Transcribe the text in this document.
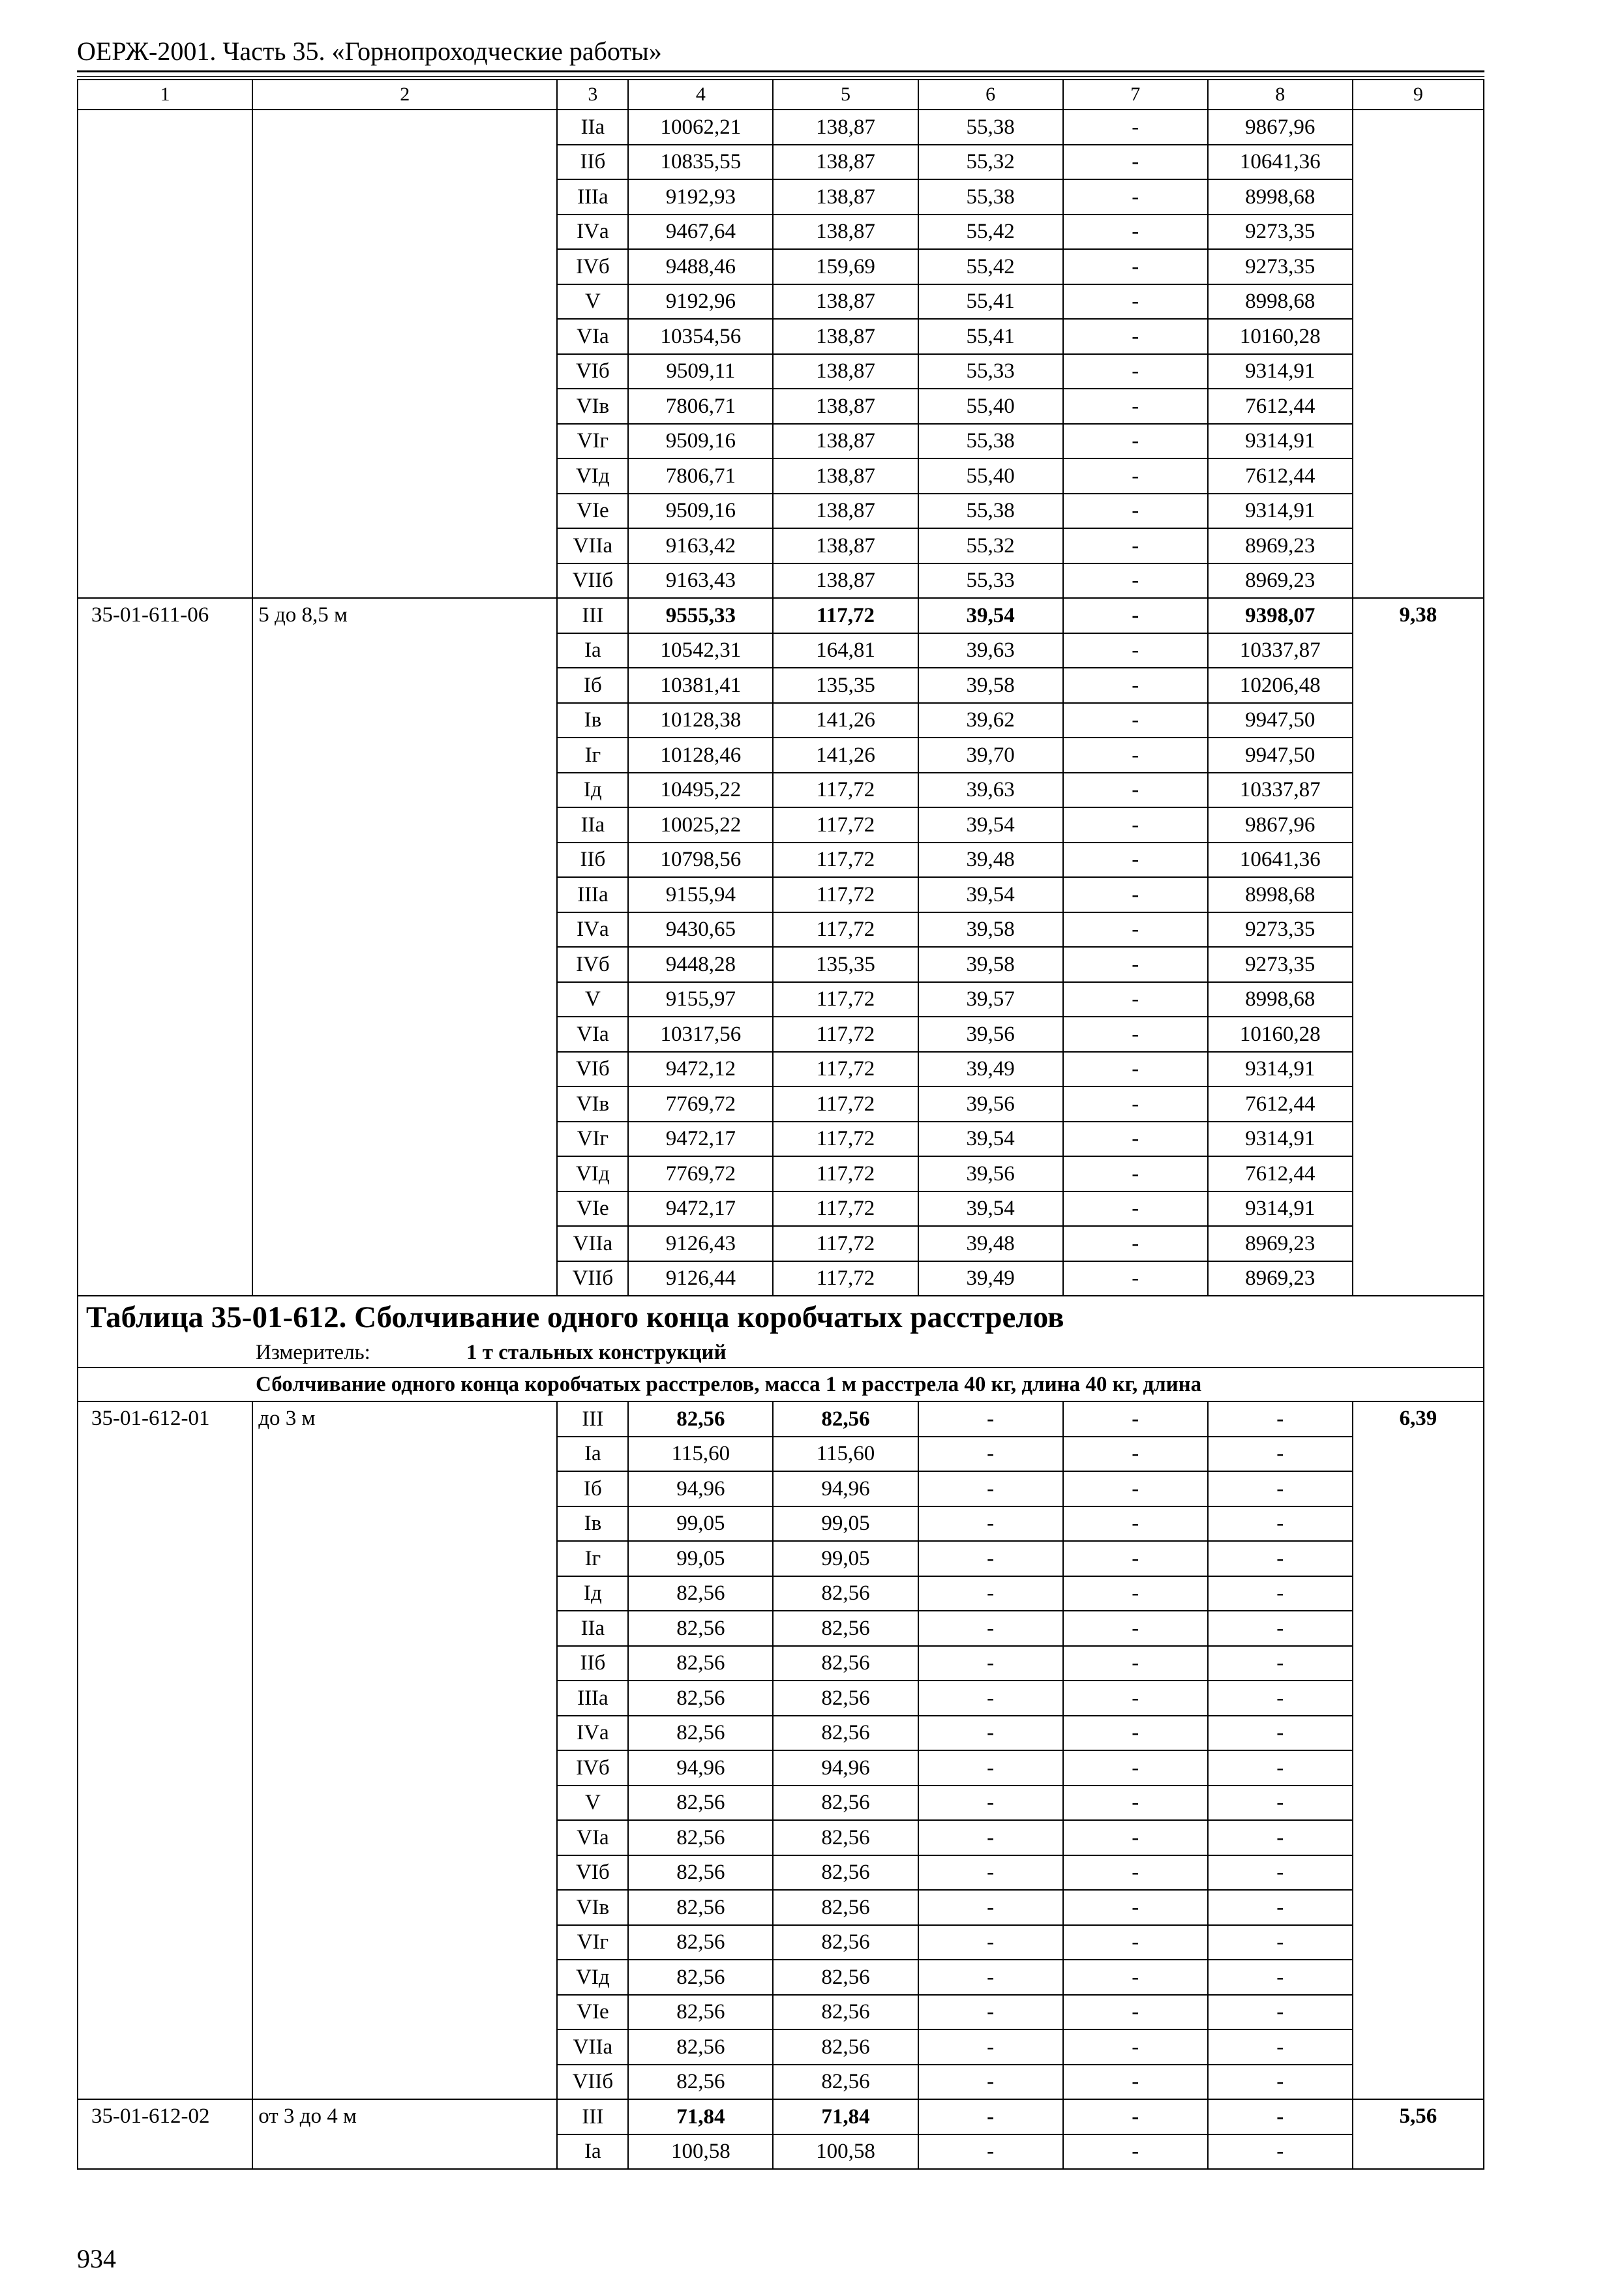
ОЕРЖ-2001. Часть 35. «Горнопроходческие работы»
1	2	3	4	5	6	7	8	9
		IIа	10062,21	138,87	55,38	-	9867,96	
		IIб	10835,55	138,87	55,32	-	10641,36	
		IIIа	9192,93	138,87	55,38	-	8998,68	
		IVа	9467,64	138,87	55,42	-	9273,35	
		IVб	9488,46	159,69	55,42	-	9273,35	
		V	9192,96	138,87	55,41	-	8998,68	
		VIа	10354,56	138,87	55,41	-	10160,28	
		VIб	9509,11	138,87	55,33	-	9314,91	
		VIв	7806,71	138,87	55,40	-	7612,44	
		VIг	9509,16	138,87	55,38	-	9314,91	
		VIд	7806,71	138,87	55,40	-	7612,44	
		VIе	9509,16	138,87	55,38	-	9314,91	
		VIIа	9163,42	138,87	55,32	-	8969,23	
		VIIб	9163,43	138,87	55,33	-	8969,23	
35-01-611-06	5 до 8,5 м	III	9555,33	117,72	39,54	-	9398,07	9,38
		Iа	10542,31	164,81	39,63	-	10337,87	
		Iб	10381,41	135,35	39,58	-	10206,48	
		Iв	10128,38	141,26	39,62	-	9947,50	
		Iг	10128,46	141,26	39,70	-	9947,50	
		Iд	10495,22	117,72	39,63	-	10337,87	
		IIа	10025,22	117,72	39,54	-	9867,96	
		IIб	10798,56	117,72	39,48	-	10641,36	
		IIIа	9155,94	117,72	39,54	-	8998,68	
		IVа	9430,65	117,72	39,58	-	9273,35	
		IVб	9448,28	135,35	39,58	-	9273,35	
		V	9155,97	117,72	39,57	-	8998,68	
		VIа	10317,56	117,72	39,56	-	10160,28	
		VIб	9472,12	117,72	39,49	-	9314,91	
		VIв	7769,72	117,72	39,56	-	7612,44	
		VIг	9472,17	117,72	39,54	-	9314,91	
		VIд	7769,72	117,72	39,56	-	7612,44	
		VIе	9472,17	117,72	39,54	-	9314,91	
		VIIа	9126,43	117,72	39,48	-	8969,23	
		VIIб	9126,44	117,72	39,49	-	8969,23	
Таблица 35-01-612. Сболчивание одного конца коробчатых расстрелов								
Измеритель: 1 т стальных конструкций								
Сболчивание одного конца коробчатых расстрелов, масса 1 м расстрела 40 кг, длина 40 кг, длина								
35-01-612-01	до 3 м	III	82,56	82,56	-	-	-	6,39
		Iа	115,60	115,60	-	-	-	
		Iб	94,96	94,96	-	-	-	
		Iв	99,05	99,05	-	-	-	
		Iг	99,05	99,05	-	-	-	
		Iд	82,56	82,56	-	-	-	
		IIа	82,56	82,56	-	-	-	
		IIб	82,56	82,56	-	-	-	
		IIIа	82,56	82,56	-	-	-	
		IVа	82,56	82,56	-	-	-	
		IVб	94,96	94,96	-	-	-	
		V	82,56	82,56	-	-	-	
		VIа	82,56	82,56	-	-	-	
		VIб	82,56	82,56	-	-	-	
		VIв	82,56	82,56	-	-	-	
		VIг	82,56	82,56	-	-	-	
		VIд	82,56	82,56	-	-	-	
		VIе	82,56	82,56	-	-	-	
		VIIа	82,56	82,56	-	-	-	
		VIIб	82,56	82,56	-	-	-	
35-01-612-02	от 3 до 4 м	III	71,84	71,84	-	-	-	5,56
		Iа	100,58	100,58	-	-	-	
934
